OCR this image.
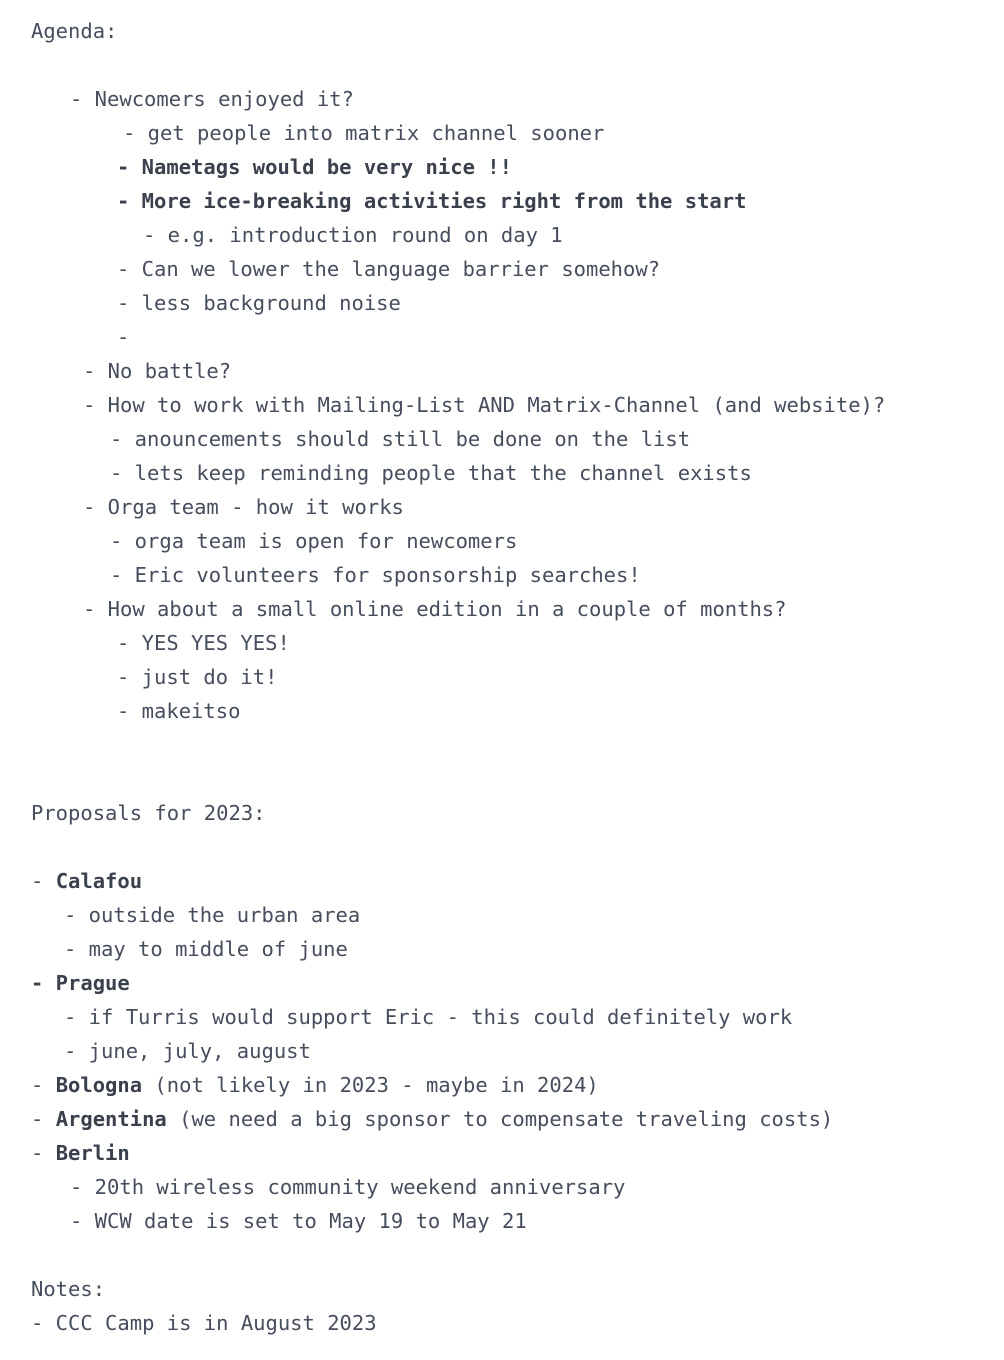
Agenda:
- Newcomers enjoyed it?
- get people into matrix channel sooner
- Nametags would be very nice !!
- More ice-breaking activities right from the start
- e.g. introduction round on day 1
- Can we lower the language barrier somehow?
- less background noise
-
- No battle?
- How to work with Mailing-List AND Matrix-Channel (and website)?
- anouncements should still be done on the list
- lets keep reminding people that the channel exists
- Orga team - how it works
- orga team is open for newcomers
- Eric volunteers for sponsorship searches!
- How about a small online edition in a couple of months?
- YES YES YES!
- just do it!
- makeitso
Proposals for 2023:
- Calafou
- outside the urban area
- may to middle of june
- Prague
- if Turris would support Eric - this could definitely work
- june, july, august
- Bologna (not likely in 2023 - maybe in 2024)
- Argentina (we need a big sponsor to compensate traveling costs)
- Berlin
- 20th wireless community weekend anniversary
- WCW date is set to May 19 to May 21
Notes:
- CCC Camp is in August 2023
